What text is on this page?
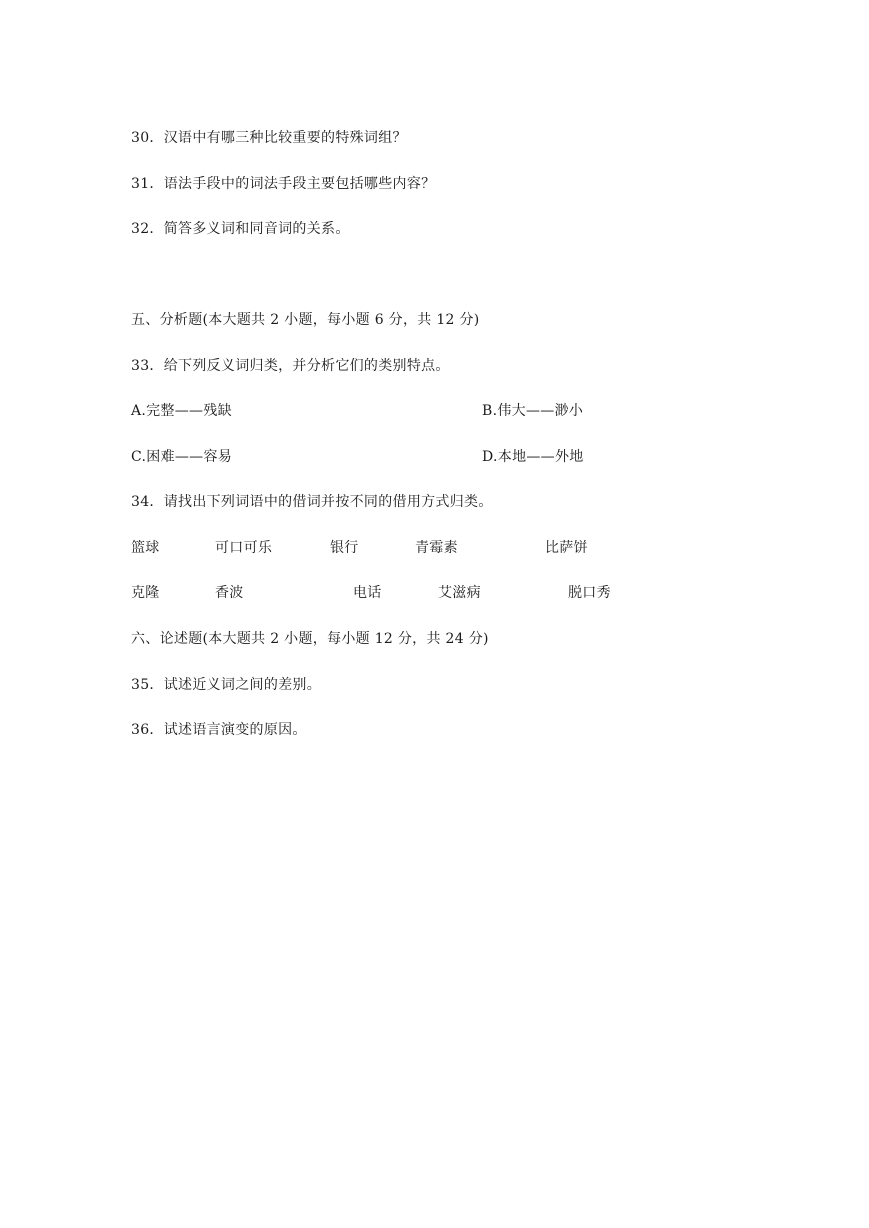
30．汉语中有哪三种比较重要的特殊词组？
31．语法手段中的词法手段主要包括哪些内容？
32．简答多义词和同音词的关系。
五、分析题(本大题共 2 小题，每小题 6 分，共 12 分)
33．给下列反义词归类，并分析它们的类别特点。
A.完整——残缺	B.伟大——渺小
C.困难——容易	D.本地——外地
34．请找出下列词语中的借词并按不同的借用方式归类。
篮球	可口可乐	银行	青霉素	比萨饼
克隆	香波	电话	艾滋病	脱口秀
六、论述题(本大题共 2 小题，每小题 12 分，共 24 分)
35．试述近义词之间的差别。
36．试述语言演变的原因。
